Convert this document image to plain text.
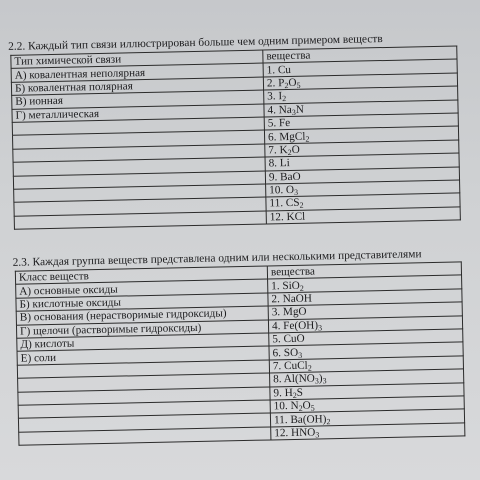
2.2. Каждый тип связи иллюстрирован больше чем одним примером веществ
Тип химической связи	вещества
А) ковалентная неполярная	1. Cu
Б) ковалентная полярная	2. $P_2O_5$
В) ионная	3. $I_2$
Г) металлическая	4. $Na_3N$
	5. Fe
	6. MgCl$_2$
	7. $K_2O$
	8. Li
	9. BaO
	10. $O_3$
	11. $CS_2$
	12. KCl
2.3. Каждая группа веществ представлена одним или несколькими представителями
Класс веществ	вещества
А) основные оксиды	1. SiO$_2$
Б) кислотные оксиды	2. NaOH
В) основания (нерастворимые гидроксиды)	3. MgO
Г) щелочи (растворимые гидроксиды)	4. $Fe(OH)_3$
Д) кислоты	5. CuO
Е) соли	6. $SO_3$
	7. CuCl$_2$
	8. $Al(NO_3)_3$
	9. $H_2S$
	10. $N_2O_5$
	11. $Ba(OH)_2$
	12. $HNO_3$
